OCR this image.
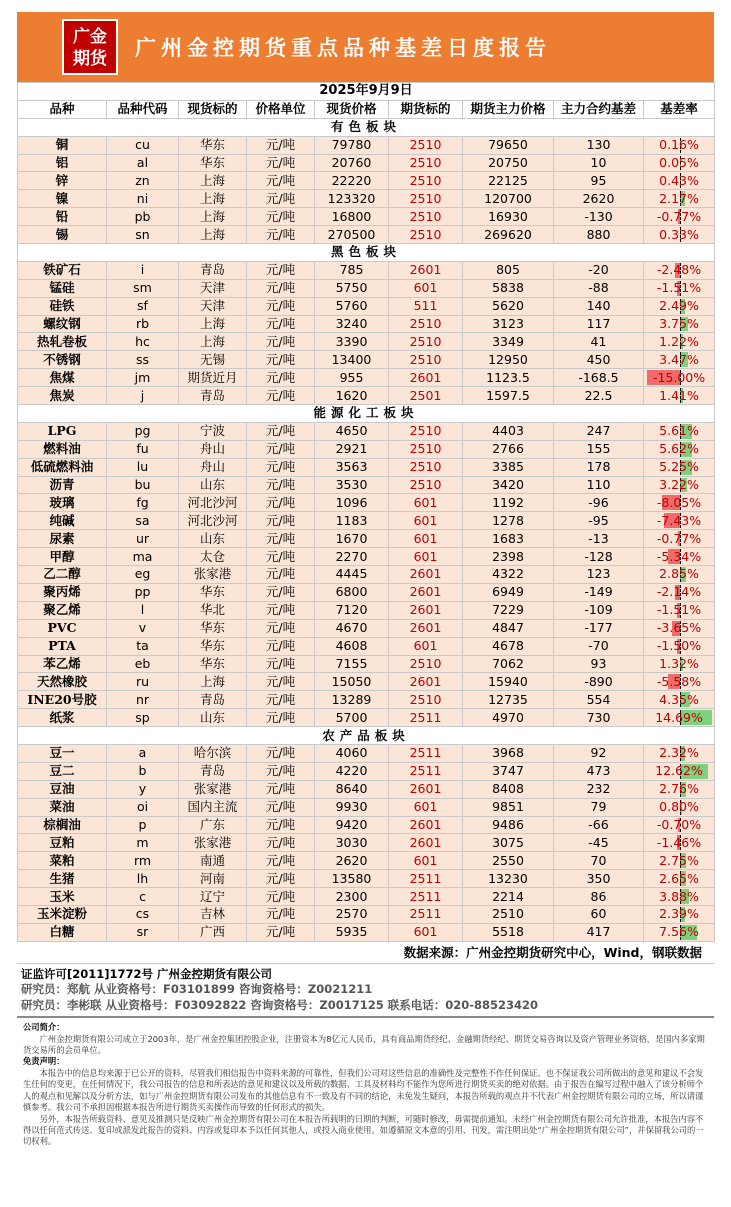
广金
期货	广州金控期货重点品种基差日度报告
2025年9月9日								
品种	品种代码	现货标的	价格单位	现货价格	期货标的	期货主力价格	主力合约基差	基差率
有色板块								
铜	cu	华东	元/吨	79780	2510	79650	130	0.16%
铝	al	华东	元/吨	20760	2510	20750	10	0.05%
锌	zn	上海	元/吨	22220	2510	22125	95	0.43%
镍	ni	上海	元/吨	123320	2510	120700	2620	2.17%
铅	pb	上海	元/吨	16800	2510	16930	-130	-0.77%
锡	sn	上海	元/吨	270500	2510	269620	880	0.33%
黑色板块								
铁矿石	i	青岛	元/吨	785	2601	805	-20	-2.48%
锰硅	sm	天津	元/吨	5750	601	5838	-88	-1.51%
硅铁	sf	天津	元/吨	5760	511	5620	140	2.49%
螺纹钢	rb	上海	元/吨	3240	2510	3123	117	3.75%
热轧卷板	hc	上海	元/吨	3390	2510	3349	41	1.22%
不锈钢	ss	无锡	元/吨	13400	2510	12950	450	3.47%
焦煤	jm	期货近月	元/吨	955	2601	1123.5	-168.5	-15.00%
焦炭	j	青岛	元/吨	1620	2501	1597.5	22.5	1.41%
能源化工板块								
LPG	pg	宁波	元/吨	4650	2510	4403	247	5.61%
燃料油	fu	舟山	元/吨	2921	2510	2766	155	5.62%
低硫燃料油	lu	舟山	元/吨	3563	2510	3385	178	5.25%
沥青	bu	山东	元/吨	3530	2510	3420	110	3.22%
玻璃	fg	河北沙河	元/吨	1096	601	1192	-96	-8.05%
纯碱	sa	河北沙河	元/吨	1183	601	1278	-95	-7.43%
尿素	ur	山东	元/吨	1670	601	1683	-13	-0.77%
甲醇	ma	太仓	元/吨	2270	601	2398	-128	-5.34%
乙二醇	eg	张家港	元/吨	4445	2601	4322	123	2.85%
聚丙烯	pp	华东	元/吨	6800	2601	6949	-149	-2.14%
聚乙烯	l	华北	元/吨	7120	2601	7229	-109	-1.51%
PVC	v	华东	元/吨	4670	2601	4847	-177	-3.65%
PTA	ta	华东	元/吨	4608	601	4678	-70	-1.50%
苯乙烯	eb	华东	元/吨	7155	2510	7062	93	1.32%
天然橡胶	ru	上海	元/吨	15050	2601	15940	-890	-5.58%
INE20号胶	nr	青岛	元/吨	13289	2510	12735	554	4.35%
纸浆	sp	山东	元/吨	5700	2511	4970	730	14.69%
农产品板块								
豆一	a	哈尔滨	元/吨	4060	2511	3968	92	2.32%
豆二	b	青岛	元/吨	4220	2511	3747	473	12.62%
豆油	y	张家港	元/吨	8640	2601	8408	232	2.76%
菜油	oi	国内主流	元/吨	9930	601	9851	79	0.80%
棕榈油	p	广东	元/吨	9420	2601	9486	-66	-0.70%
豆粕	m	张家港	元/吨	3030	2601	3075	-45	-1.46%
菜粕	rm	南通	元/吨	2620	601	2550	70	2.75%
生猪	lh	河南	元/吨	13580	2511	13230	350	2.65%
玉米	c	辽宁	元/吨	2300	2511	2214	86	3.88%
玉米淀粉	cs	吉林	元/吨	2570	2511	2510	60	2.39%
白糖	sr	广西	元/吨	5935	601	5518	417	7.56%
数据来源：广州金控期货研究中心，Wind，钢联数据
证监许可[2011]1772号 广州金控期货有限公司
研究员：郑航 从业资格号：F03101899 咨询资格号：Z0021211
研究员：李彬联 从业资格号：F03092822 咨询资格号：Z0017125 联系电话：020-88523420
公司简介：

广州金控期货有限公司成立于2003年，是广州金控集团控股企业，注册资本为8亿元人民币，具有商品期货经纪、金融期货经纪、期货交易咨询以及资产管理业务资格，是国内多家期货交易所的会员单位。

免责声明：

本报告中的信息均来源于已公开的资料，尽管我们相信报告中资料来源的可靠性，但我们公司对这些信息的准确性及完整性不作任何保证。也不保证我公司所做出的意见和建议不会发生任何的变更，在任何情况下，我公司报告的信息和所表达的意见和建议以及所载的数据、工具及材料均不能作为您所进行期货买卖的绝对依据。由于报告在编写过程中融入了该分析师个人的观点和见解以及分析方法，如与广州金控期货有限公司发布的其他信息有不一致及有不同的结论，未免发生疑问，本报告所载的观点并不代表广州金控期货有限公司的立场，所以请谨慎参考。我公司不承担因根据本报告所进行期货买卖操作而导致的任何形式的损失。

另外，本报告所载资料、意见及推测只是反映广州金控期货有限公司在本报告所载明的日期的判断，可随时修改，毋需提前通知。未经广州金控期货有限公司允许批准，本报告内容不得以任何范式传送、复印或派发此报告的资料、内容或复印本予以任何其他人，或投入商业使用。如遵循原文本意的引用、刊发，需注明出处“广州金控期货有限公司”，并保留我公司的一切权利。
